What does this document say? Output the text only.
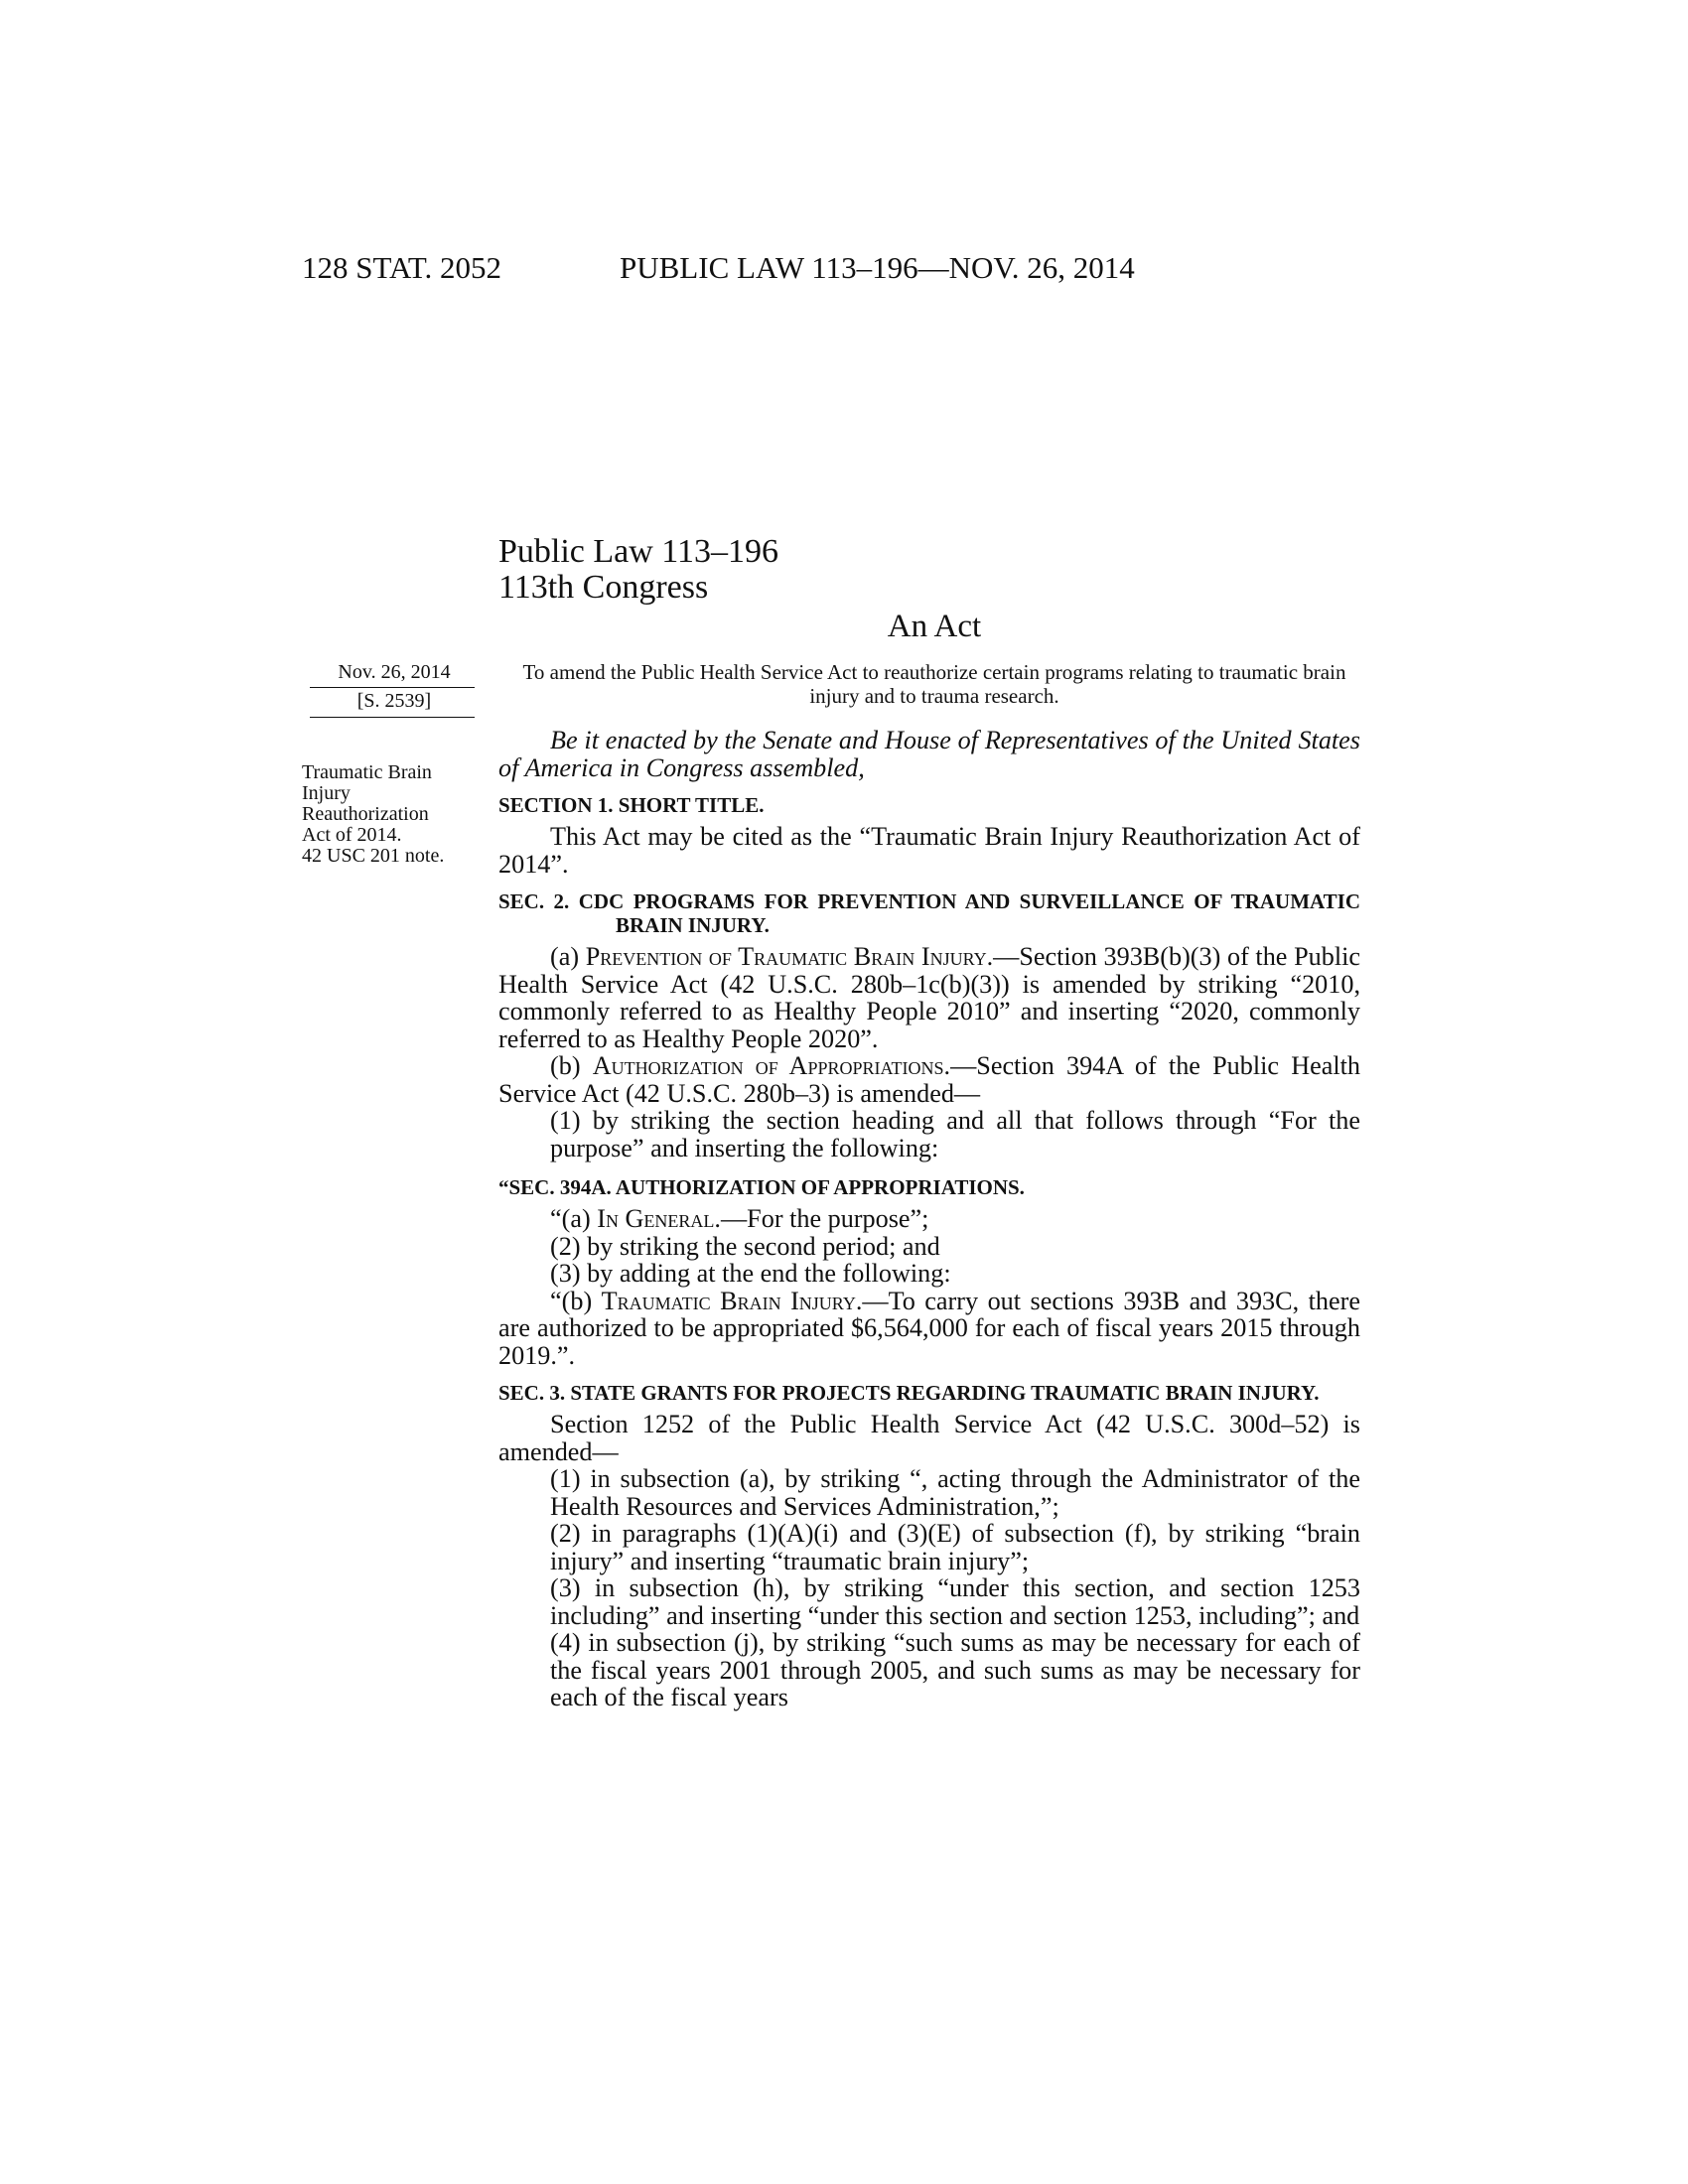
128 STAT. 2052	PUBLIC LAW 113–196—NOV. 26, 2014
Public Law 113–196
113th Congress
An Act
Nov. 26, 2014
[S. 2539]
Traumatic Brain
Injury
Reauthorization
Act of 2014.
42 USC 201 note.
To amend the Public Health Service Act to reauthorize certain programs relating to traumatic brain injury and to trauma research.

Be it enacted by the Senate and House of Representatives of the United States of America in Congress assembled,

SECTION 1. SHORT TITLE.

This Act may be cited as the “Traumatic Brain Injury Reauthorization Act of 2014”.

SEC. 2. CDC PROGRAMS FOR PREVENTION AND SURVEILLANCE OF TRAUMATIC BRAIN INJURY.

(a) Prevention of Traumatic Brain Injury.—Section 393B(b)(3) of the Public Health Service Act (42 U.S.C. 280b–1c(b)(3)) is amended by striking “2010, commonly referred to as Healthy People 2010” and inserting “2020, commonly referred to as Healthy People 2020”.

(b) Authorization of Appropriations.—Section 394A of the Public Health Service Act (42 U.S.C. 280b–3) is amended—

(1) by striking the section heading and all that follows through “For the purpose” and inserting the following:

“SEC. 394A. AUTHORIZATION OF APPROPRIATIONS.

“(a) In General.—For the purpose”;

(2) by striking the second period; and

(3) by adding at the end the following:

“(b) Traumatic Brain Injury.—To carry out sections 393B and 393C, there are authorized to be appropriated $6,564,000 for each of fiscal years 2015 through 2019.”.

SEC. 3. STATE GRANTS FOR PROJECTS REGARDING TRAUMATIC BRAIN INJURY.

Section 1252 of the Public Health Service Act (42 U.S.C. 300d–52) is amended—

(1) in subsection (a), by striking “, acting through the Administrator of the Health Resources and Services Administration,”;

(2) in paragraphs (1)(A)(i) and (3)(E) of subsection (f), by striking “brain injury” and inserting “traumatic brain injury”;

(3) in subsection (h), by striking “under this section, and section 1253 including” and inserting “under this section and section 1253, including”; and

(4) in subsection (j), by striking “such sums as may be necessary for each of the fiscal years 2001 through 2005, and such sums as may be necessary for each of the fiscal years
